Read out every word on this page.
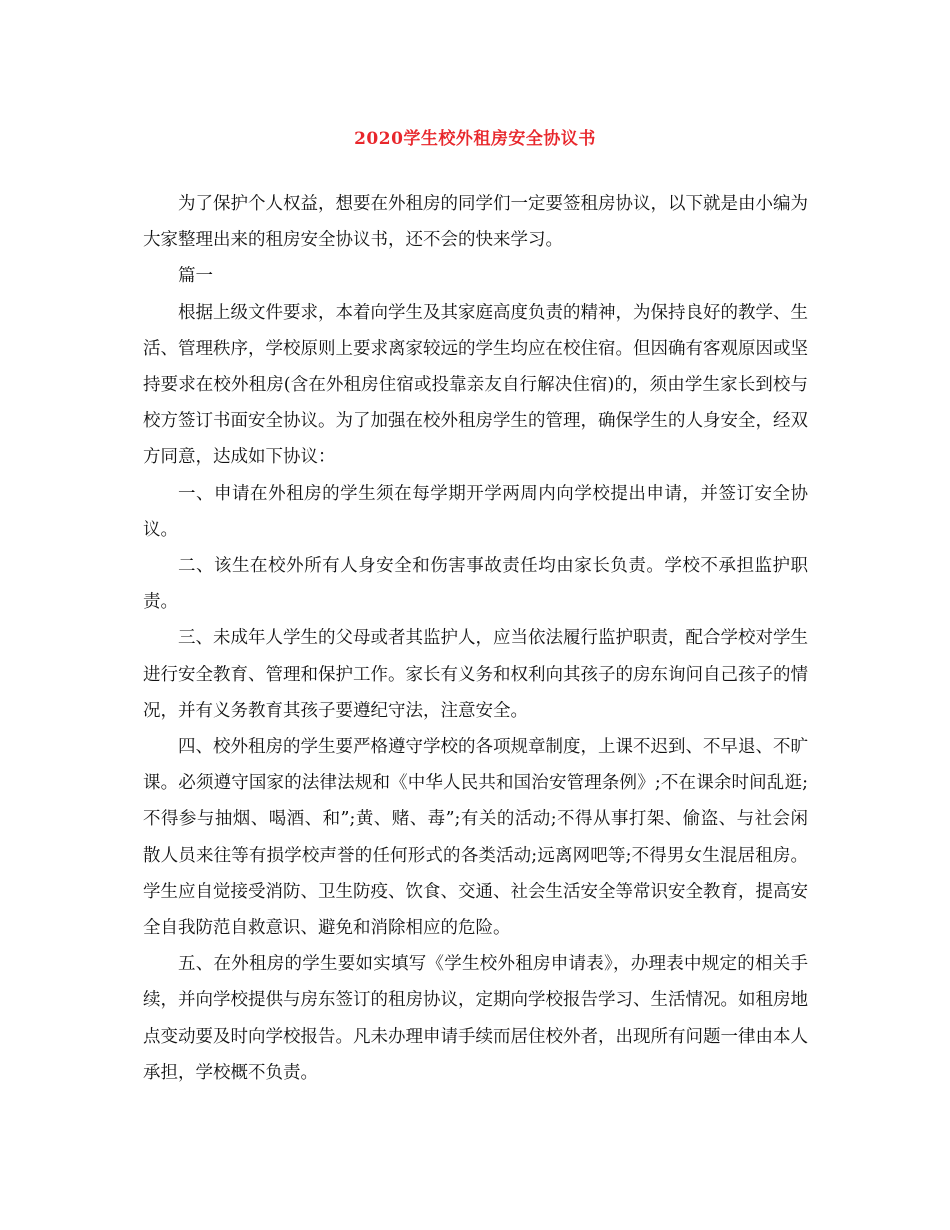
2020学生校外租房安全协议书

为了保护个人权益，想要在外租房的同学们一定要签租房协议，以下就是由小编为大家整理出来的租房安全协议书，还不会的快来学习。

篇一

根据上级文件要求，本着向学生及其家庭高度负责的精神，为保持良好的教学、生活、管理秩序，学校原则上要求离家较远的学生均应在校住宿。但因确有客观原因或坚持要求在校外租房(含在外租房住宿或投靠亲友自行解决住宿)的，须由学生家长到校与校方签订书面安全协议。为了加强在校外租房学生的管理，确保学生的人身安全，经双方同意，达成如下协议：

一、申请在外租房的学生须在每学期开学两周内向学校提出申请，并签订安全协议。

二、该生在校外所有人身安全和伤害事故责任均由家长负责。学校不承担监护职责。

三、未成年人学生的父母或者其监护人，应当依法履行监护职责，配合学校对学生进行安全教育、管理和保护工作。家长有义务和权利向其孩子的房东询问自己孩子的情况，并有义务教育其孩子要遵纪守法，注意安全。

四、校外租房的学生要严格遵守学校的各项规章制度，上课不迟到、不早退、不旷课。必须遵守国家的法律法规和《中华人民共和国治安管理条例》;不在课余时间乱逛;不得参与抽烟、喝酒、和”;黄、赌、毒”;有关的活动;不得从事打架、偷盗、与社会闲散人员来往等有损学校声誉的任何形式的各类活动;远离网吧等;不得男女生混居租房。 学生应自觉接受消防、卫生防疫、饮食、交通、社会生活安全等常识安全教育，提高安全自我防范自救意识、避免和消除相应的危险。

五、在外租房的学生要如实填写《学生校外租房申请表》，办理表中规定的相关手续，并向学校提供与房东签订的租房协议，定期向学校报告学习、生活情况。如租房地点变动要及时向学校报告。凡未办理申请手续而居住校外者，出现所有问题一律由本人承担，学校概不负责。
